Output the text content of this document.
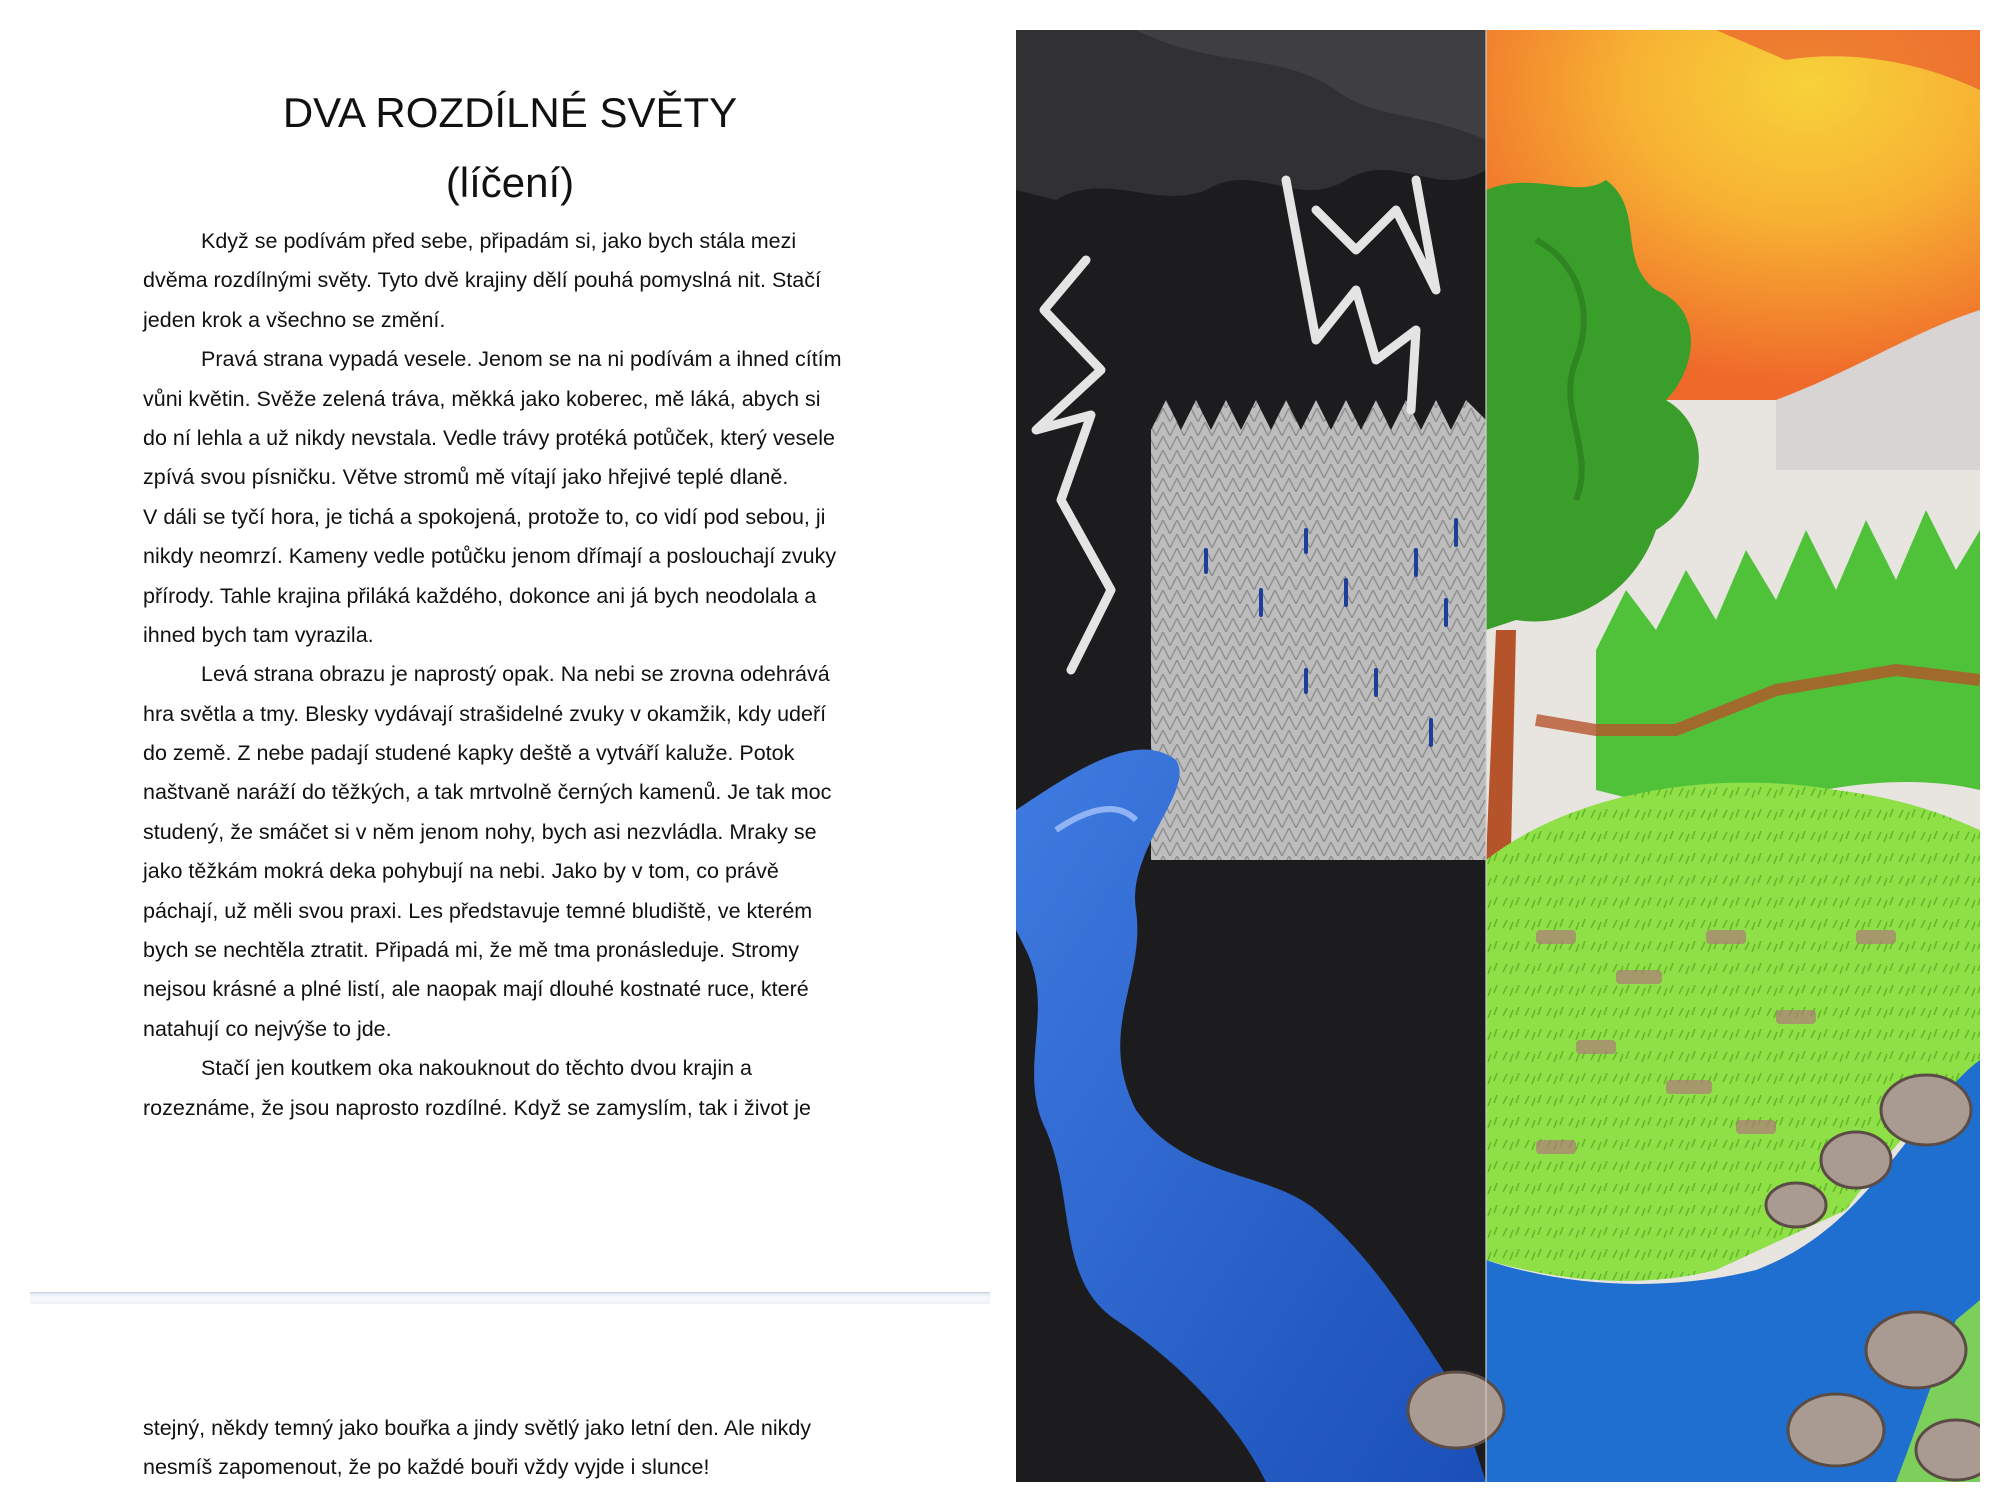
DVA ROZDÍLNÉ SVĚTY
(líčení)
Když se podívám před sebe, připadám si, jako bych stála mezi
dvěma rozdílnými světy. Tyto dvě krajiny dělí pouhá pomyslná nit. Stačí
jeden krok a všechno se změní.
Pravá strana vypadá vesele. Jenom se na ni podívám a ihned cítím
vůni květin. Svěže zelená tráva, měkká jako koberec, mě láká, abych si
do ní lehla a už nikdy nevstala. Vedle trávy protéká potůček, který vesele
zpívá svou písničku. Větve stromů mě vítají jako hřejivé teplé dlaně.
V dáli se tyčí hora, je tichá a spokojená, protože to, co vidí pod sebou, ji
nikdy neomrzí. Kameny vedle potůčku jenom dřímají a poslouchají zvuky
přírody. Tahle krajina přiláká každého, dokonce ani já bych neodolala a
ihned bych tam vyrazila.
Levá strana obrazu je naprostý opak. Na nebi se zrovna odehrává
hra světla a tmy. Blesky vydávají strašidelné zvuky v okamžik, kdy udeří
do země. Z nebe padají studené kapky deště a vytváří kaluže. Potok
naštvaně naráží do těžkých, a tak mrtvolně černých kamenů. Je tak moc
studený, že smáčet si v něm jenom nohy, bych asi nezvládla. Mraky se
jako těžkám mokrá deka pohybují na nebi. Jako by v tom, co právě
páchají, už měli svou praxi. Les představuje temné bludiště, ve kterém
bych se nechtěla ztratit. Připadá mi, že mě tma pronásleduje. Stromy
nejsou krásné a plné listí, ale naopak mají dlouhé kostnaté ruce, které
natahují co nejvýše to jde.
Stačí jen koutkem oka nakouknout do těchto dvou krajin a
rozeznáme, že jsou naprosto rozdílné. Když se zamyslím, tak i život je
stejný, někdy temný jako bouřka a jindy světlý jako letní den. Ale nikdy
nesmíš zapomenout, že po každé bouři vždy vyjde i slunce!
